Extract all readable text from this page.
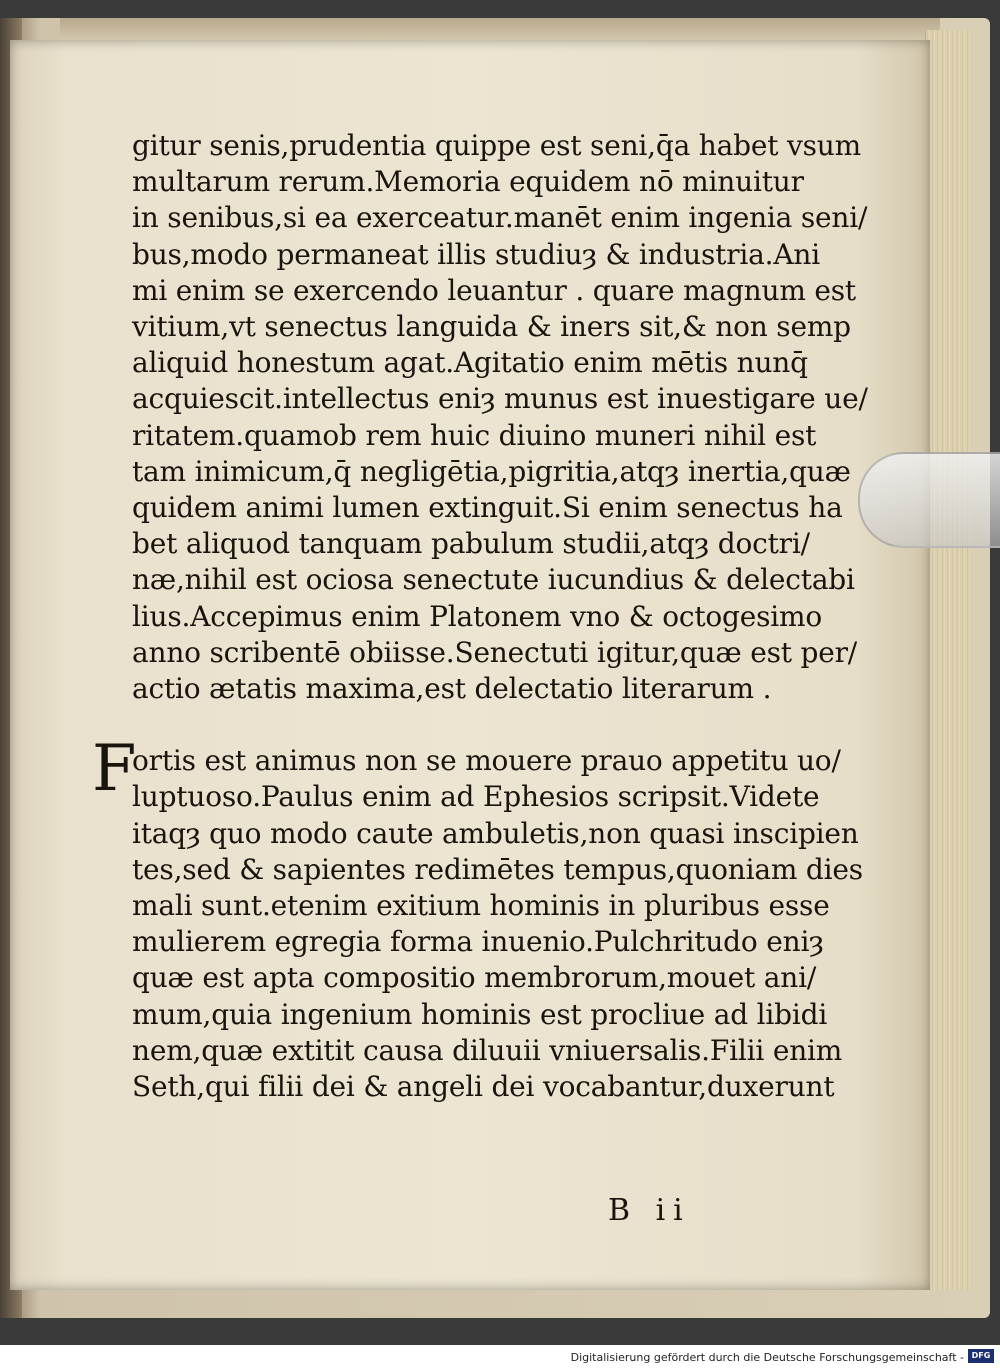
gitur senis,prudentia quippe est seni,q̄a habet vsum
multarum rerum.Memoria equidem nō minuitur
in senibus,si ea exerceatur.manēt enim ingenia seni/
bus,modo permaneat illis studiuȝ & industria.Ani
mi enim se exercendo leuantur . quare magnum est
vitium,vt senectus languida & iners sit,& non semp
aliquid honestum agat.Agitatio enim mētis nunq̄
acquiescit.intellectus eniȝ munus est inuestigare ue/
ritatem.quamob rem huic diuino muneri nihil est
tam inimicum,q̄ negligētia,pigritia,atqȝ inertia,quæ
quidem animi lumen extinguit.Si enim senectus ha
bet aliquod tanquam pabulum studii,atqȝ doctri/
næ,nihil est ociosa senectute iucundius & delectabi
lius.Accepimus enim Platonem vno & octogesimo
anno scribentē obiisse.Senectuti igitur,quæ est per/
actio ætatis maxima,est delectatio literarum .
F
ortis est animus non se mouere prauo appetitu uo/
luptuoso.Paulus enim ad Ephesios scripsit.Videte
itaqȝ quo modo caute ambuletis,non quasi inscipien
tes,sed & sapientes redimētes tempus,quoniam dies
mali sunt.etenim exitium hominis in pluribus esse
mulierem egregia forma inuenio.Pulchritudo eniȝ
quæ est apta compositio membrorum,mouet ani/
mum,quia ingenium hominis est procliue ad libidi
nem,quæ extitit causa diluuii vniuersalis.Filii enim
Seth,qui filii dei & angeli dei vocabantur,duxerunt
B ii
Digitalisierung gefördert durch die Deutsche Forschungsgemeinschaft - DFG
